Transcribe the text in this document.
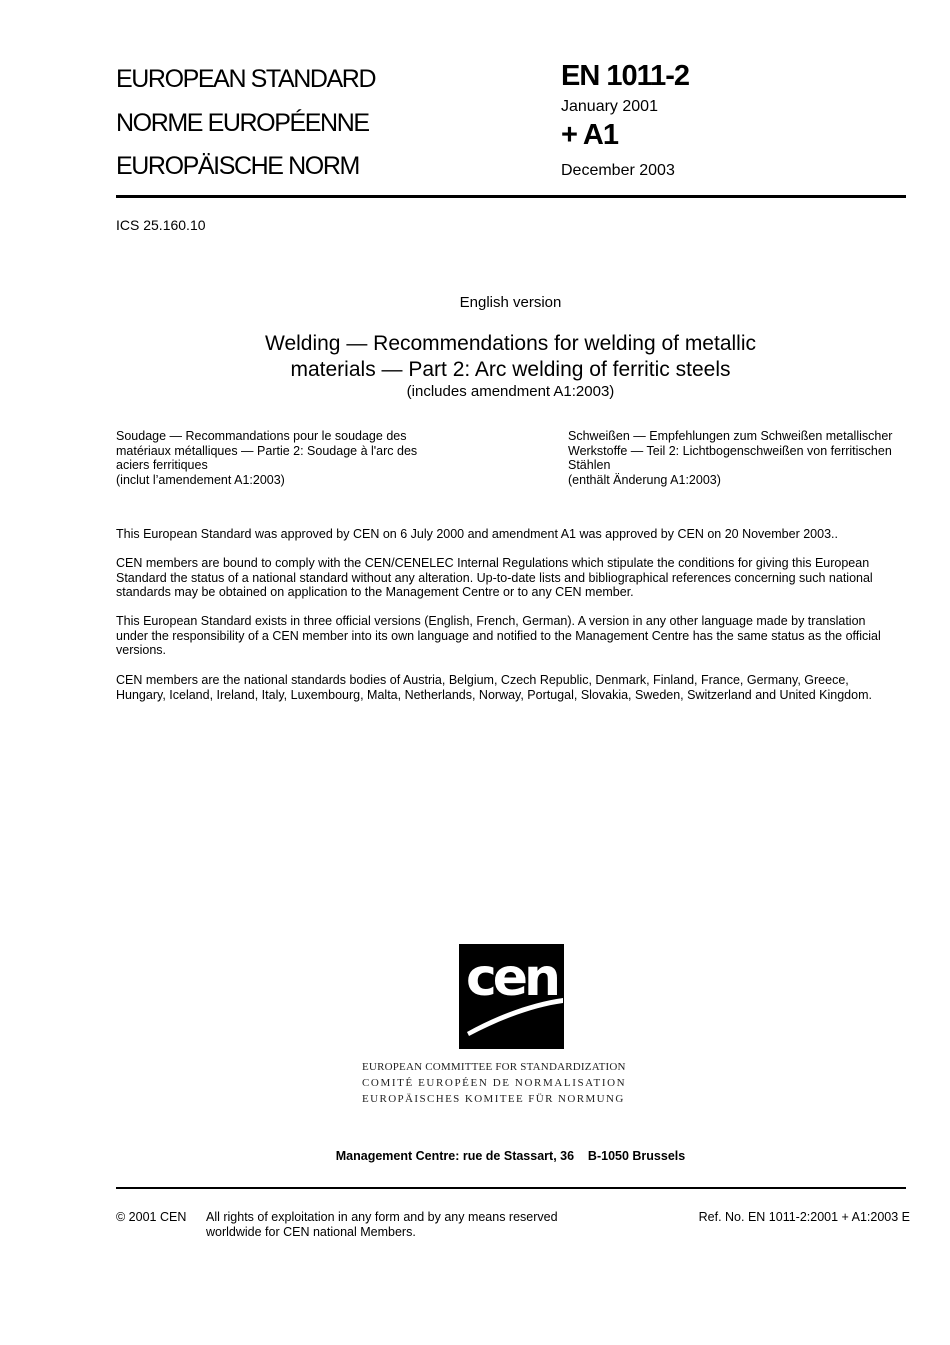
EUROPEAN STANDARD
NORME EUROPÉENNE
EUROPÄISCHE NORM
EN 1011-2
January 2001
+ A1
December 2003
ICS 25.160.10
English version
Welding — Recommendations for welding of metallic
materials — Part 2: Arc welding of ferritic steels
(includes amendment A1:2003)
Soudage — Recommandations pour le soudage des
matériaux métalliques — Partie 2: Soudage à l'arc des
aciers ferritiques
(inclut l’amendement A1:2003)
Schweißen — Empfehlungen zum Schweißen metallischer
Werkstoffe — Teil 2: Lichtbogenschweißen von ferritischen
Stählen
(enthält Änderung A1:2003)
This European Standard was approved by CEN on 6 July 2000 and amendment A1 was approved by CEN on 20 November 2003..
CEN members are bound to comply with the CEN/CENELEC Internal Regulations which stipulate the conditions for giving this European
Standard the status of a national standard without any alteration. Up-to-date lists and bibliographical references concerning such national
standards may be obtained on application to the Management Centre or to any CEN member.
This European Standard exists in three official versions (English, French, German). A version in any other language made by translation
under the responsibility of a CEN member into its own language and notified to the Management Centre has the same status as the official
versions.
CEN members are the national standards bodies of Austria, Belgium, Czech Republic, Denmark, Finland, France, Germany, Greece,
Hungary, Iceland, Ireland, Italy, Luxembourg, Malta, Netherlands, Norway, Portugal, Slovakia, Sweden, Switzerland and United Kingdom.
cen
EUROPEAN COMMITTEE FOR STANDARDIZATION
COMITÉ EUROPÉEN DE NORMALISATION
EUROPÄISCHES KOMITEE FÜR NORMUNG
Management Centre: rue de Stassart, 36    B-1050 Brussels
© 2001 CEN All rights of exploitation in any form and by any means reserved
worldwide for CEN national Members.
Ref. No. EN 1011-2:2001 + A1:2003 E
